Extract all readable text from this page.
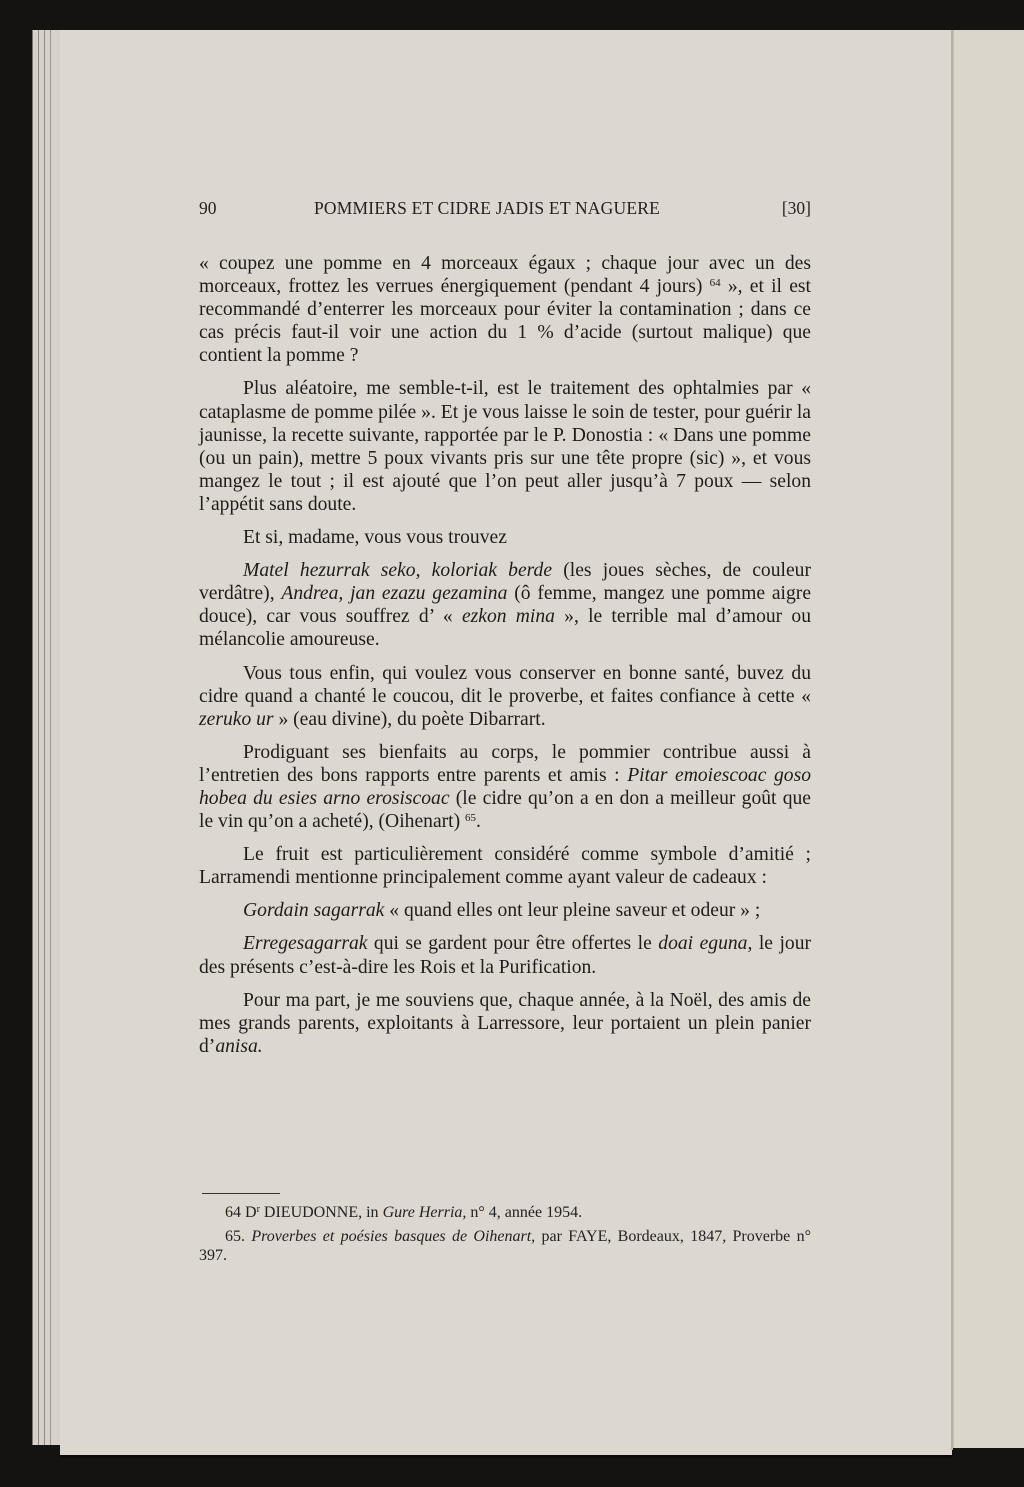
90	POMMIERS ET CIDRE JADIS ET NAGUERE	[30]

« coupez une pomme en 4 morceaux égaux ; chaque jour avec un des morceaux, frottez les verrues énergiquement (pendant 4 jours) $^{64}$ », et il est recommandé d’enterrer les morceaux pour éviter la contamination ; dans ce cas précis faut-il voir une action du 1 % d’acide (surtout malique) que contient la pomme ?

Plus aléatoire, me semble-t-il, est le traitement des ophtalmies par « cataplasme de pomme pilée ». Et je vous laisse le soin de tester, pour guérir la jaunisse, la recette suivante, rapportée par le P. Donostia : « Dans une pomme (ou un pain), mettre 5 poux vivants pris sur une tête propre (sic) », et vous mangez le tout ; il est ajouté que l’on peut aller jusqu’à 7 poux — selon l’appétit sans doute.

Et si, madame, vous vous trouvez

Matel hezurrak seko, koloriak berde (les joues sèches, de couleur verdâtre), Andrea, jan ezazu gezamina (ô femme, mangez une pomme aigre douce), car vous souffrez d’ « ezkon mina », le terrible mal d’amour ou mélancolie amoureuse.

Vous tous enfin, qui voulez vous conserver en bonne santé, buvez du cidre quand a chanté le coucou, dit le proverbe, et faites confiance à cette « zeruko ur » (eau divine), du poète Dibarrart.

Prodiguant ses bienfaits au corps, le pommier contribue aussi à l’entretien des bons rapports entre parents et amis : Pitar emoiescoac goso hobea du esies arno erosiscoac (le cidre qu’on a en don a meilleur goût que le vin qu’on a acheté), (Oihenart) $^{65}$.

Le fruit est particulièrement considéré comme symbole d’amitié ; Larramendi mentionne principalement comme ayant valeur de cadeaux :

Gordain sagarrak « quand elles ont leur pleine saveur et odeur » ;

Erregesagarrak qui se gardent pour être offertes le doai eguna, le jour des présents c’est-à-dire les Rois et la Purification.

Pour ma part, je me souviens que, chaque année, à la Noël, des amis de mes grands parents, exploitants à Larressore, leur portaient un plein panier d’anisa.

64 $D^r$ DIEUDONNE, in Gure Herria, n° 4, année 1954.

65. Proverbes et poésies basques de Oihenart, par FAYE, Bordeaux, 1847, Proverbe n° 397.
